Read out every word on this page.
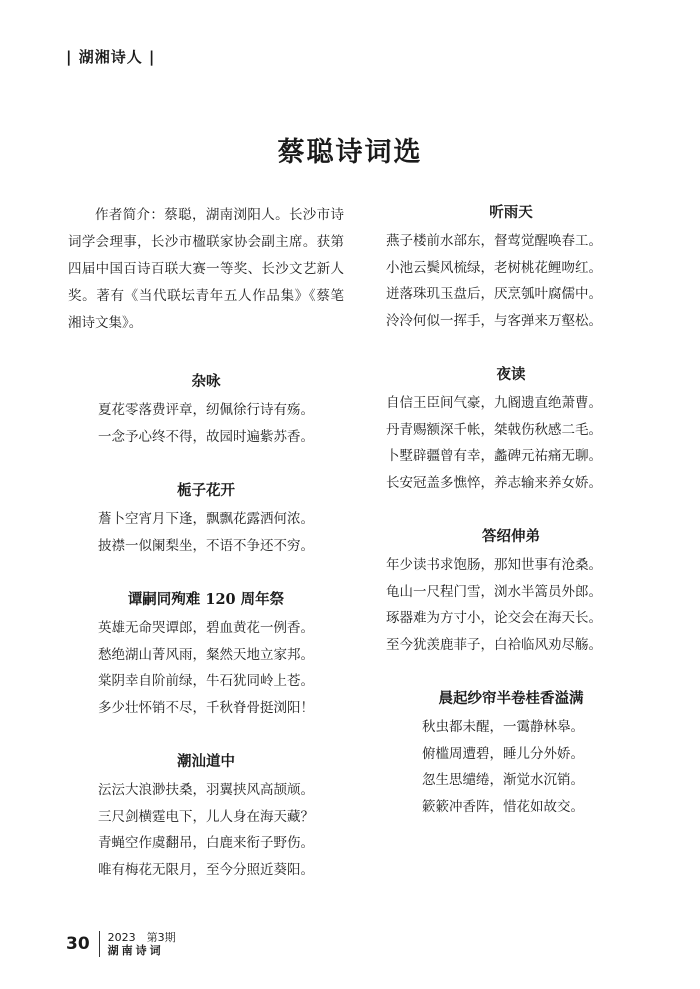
| 湖湘诗人 |
蔡聪诗词选

作者简介：蔡聪，湖南浏阳人。长沙市诗词学会理事，长沙市楹联家协会副主席。获第四届中国百诗百联大赛一等奖、长沙文艺新人奖。著有《当代联坛青年五人作品集》《蔡笔湘诗文集》。

杂咏
夏花零落费评章，纫佩徐行诗有殇。
一念予心终不得，故园时遍紫苏香。
栀子花开
薝卜空宵月下逢，飘飘花露洒何浓。
披襟一似阑梨坐，不语不争还不穷。
谭嗣同殉难 120 周年祭
英雄无命哭谭郎，碧血黄花一例香。
愁绝湖山菁风雨，粲然天地立家邦。
棠阴幸自阶前绿，牛石犹同岭上苍。
多少壮怀销不尽，千秋脊骨挺浏阳！
潮汕道中
沄沄大浪渺扶桑，羽翼挟风高颉颃。
三尺剑横霆电下，儿人身在海天藏？
青蝇空作虞翻吊，白鹿来衔子野伤。
唯有梅花无限月，至今分照近葵阳。
听雨天
燕子楼前水部东，督莺觉醒唤春工。
小池云鬓风梳绿，老树桃花鲤吻红。
迸落珠玑玉盘后，厌烹瓠叶腐儒中。
泠泠何似一挥手，与客弹来万壑松。
夜读
自信王臣间气豪，九阍遗直绝萧曹。
丹青赐额深千帐，桀戟伤秋感二毛。
卜墅辟疆曾有幸，蠡碑元祐痛无聊。
长安冠盖多憔悴，养志输来养女娇。
答绍伸弟
年少读书求饱肠，那知世事有沧桑。
龟山一尺程门雪，浏水半篙员外郎。
琢器难为方寸小，论交会在海天长。
至今犹羡鹿菲子，白袷临风劝尽觞。
晨起纱帘半卷桂香溢满
秋虫都未醒，一霭静林皋。
俯槛周遭碧，睡儿分外娇。
忽生思缱绻，渐觉水沉销。
簌簌冲香阵，惜花如故交。
30 2023　第3期
湖南诗词
